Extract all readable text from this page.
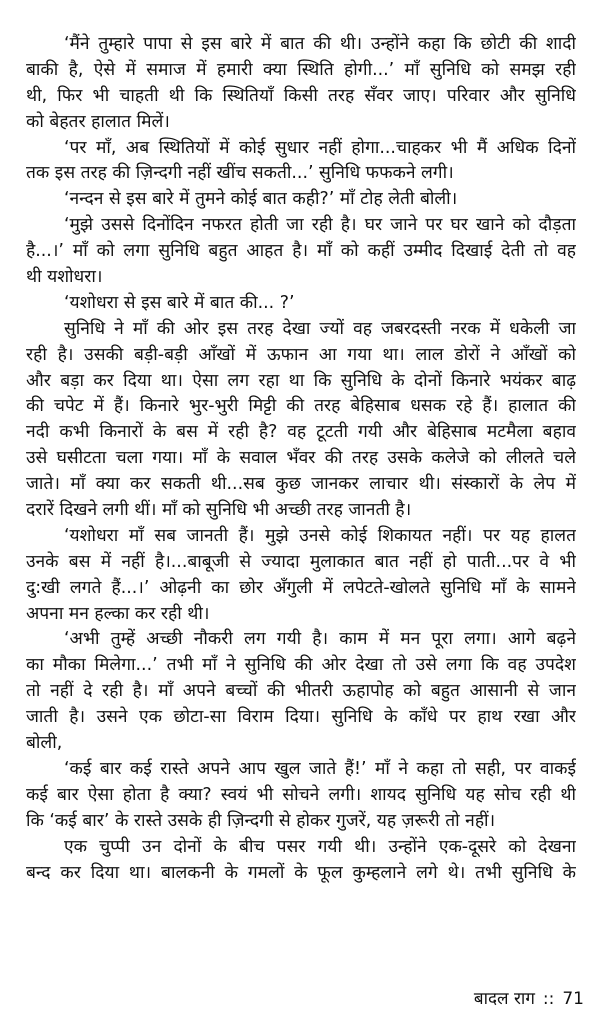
‘मैंने तुम्हारे पापा से इस बारे में बात की थी। उन्होंने कहा कि छोटी की शादी
बाकी है, ऐसे में समाज में हमारी क्या स्थिति होगी...’ माँ सुनिधि को समझ रही
थी, फिर भी चाहती थी कि स्थितियाँ किसी तरह सँवर जाए। परिवार और सुनिधि
को बेहतर हालात मिलें।
‘पर माँ, अब स्थितियों में कोई सुधार नहीं होगा...चाहकर भी मैं अधिक दिनों
तक इस तरह की ज़िन्दगी नहीं खींच सकती...’ सुनिधि फफकने लगी।
‘नन्दन से इस बारे में तुमने कोई बात कही?’ माँ टोह लेती बोली।
‘मुझे उससे दिनोंदिन नफरत होती जा रही है। घर जाने पर घर खाने को दौड़ता
है...।’ माँ को लगा सुनिधि बहुत आहत है। माँ को कहीं उम्मीद दिखाई देती तो वह
थी यशोधरा।
‘यशोधरा से इस बारे में बात की... ?’
सुनिधि ने माँ की ओर इस तरह देखा ज्यों वह जबरदस्ती नरक में धकेली जा
रही है। उसकी बड़ी-बड़ी आँखों में ऊफान आ गया था। लाल डोरों ने आँखों को
और बड़ा कर दिया था। ऐसा लग रहा था कि सुनिधि के दोनों किनारे भयंकर बाढ़
की चपेट में हैं। किनारे भुर-भुरी मिट्टी की तरह बेहिसाब धसक रहे हैं। हालात की
नदी कभी किनारों के बस में रही है? वह टूटती गयी और बेहिसाब मटमैला बहाव
उसे घसीटता चला गया। माँ के सवाल भँवर की तरह उसके कलेजे को लीलते चले
जाते। माँ क्या कर सकती थी...सब कुछ जानकर लाचार थी। संस्कारों के लेप में
दरारें दिखने लगी थीं। माँ को सुनिधि भी अच्छी तरह जानती है।
‘यशोधरा माँ सब जानती हैं। मुझे उनसे कोई शिकायत नहीं। पर यह हालत
उनके बस में नहीं है।...बाबूजी से ज्यादा मुलाकात बात नहीं हो पाती...पर वे भी
दु:खी लगते हैं...।’ ओढ़नी का छोर अँगुली में लपेटते-खोलते सुनिधि माँ के सामने
अपना मन हल्का कर रही थी।
‘अभी तुम्हें अच्छी नौकरी लग गयी है। काम में मन पूरा लगा। आगे बढ़ने
का मौका मिलेगा...’ तभी माँ ने सुनिधि की ओर देखा तो उसे लगा कि वह उपदेश
तो नहीं दे रही है। माँ अपने बच्चों की भीतरी ऊहापोह को बहुत आसानी से जान
जाती है। उसने एक छोटा-सा विराम दिया। सुनिधि के काँधे पर हाथ रखा और
बोली,
‘कई बार कई रास्ते अपने आप खुल जाते हैं!’ माँ ने कहा तो सही, पर वाकई
कई बार ऐसा होता है क्या? स्वयं भी सोचने लगी। शायद सुनिधि यह सोच रही थी
कि ‘कई बार’ के रास्ते उसके ही ज़िन्दगी से होकर गुजरें, यह ज़रूरी तो नहीं।
एक चुप्पी उन दोनों के बीच पसर गयी थी। उन्होंने एक-दूसरे को देखना
बन्द कर दिया था। बालकनी के गमलों के फूल कुम्हलाने लगे थे। तभी सुनिधि के
बादल राग :: 71
